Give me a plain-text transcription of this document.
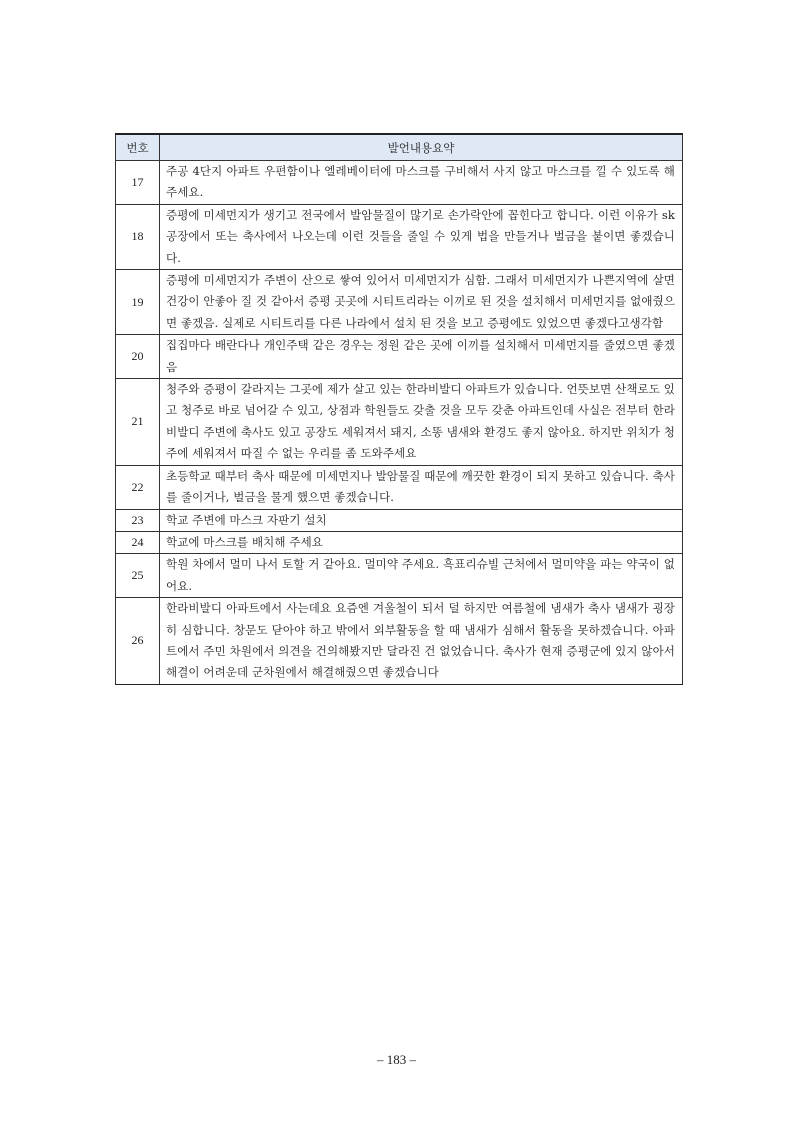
번호	발언내용요약
17	주공 4단지 아파트 우편함이나 엘레베이터에 마스크를 구비해서 사지 않고 마스크를 낄 수 있도록 해주세요.
18	증평에 미세먼지가 생기고 전국에서 발암물질이 많기로 손가락안에 꼽힌다고 합니다. 이런 이유가 sk공장에서 또는 축사에서 나오는데 이런 것들을 줄일 수 있게 법을 만들거나 벌금을 붙이면 좋겠습니다.
19	증평에 미세먼지가 주변이 산으로 쌓여 있어서 미세먼지가 심함. 그래서 미세먼지가 나쁜지역에 살면 건강이 안좋아 질 것 같아서 증평 곳곳에 시티트리라는 이끼로 된 것을 설치해서 미세먼지를 없애줬으면 좋겠음. 실제로 시티트리를 다른 나라에서 설치 된 것을 보고 증평에도 있었으면 좋겠다고생각함
20	집집마다 배란다나 개인주택 같은 경우는 정원 같은 곳에 이끼를 설치해서 미세먼지를 줄였으면 좋겠음
21	청주와 증평이 갈라지는 그곳에 제가 살고 있는 한라비발디 아파트가 있습니다. 언뜻보면 산책로도 있고 청주로 바로 넘어갈 수 있고, 상점과 학원들도 갖출 것을 모두 갖춘 아파트인데 사실은 전부터 한라비발디 주변에 축사도 있고 공장도 세워져서 돼지, 소똥 냄새와 환경도 좋지 않아요. 하지만 위치가 청주에 세워져서 따질 수 없는 우리를 좀 도와주세요
22	초등학교 때부터 축사 때문에 미세먼지나 발암물질 때문에 깨끗한 환경이 되지 못하고 있습니다. 축사를 줄이거나, 벌금을 물게 했으면 좋겠습니다.
23	학교 주변에 마스크 자판기 설치
24	학교에 마스크를 배치해 주세요
25	학원 차에서 멀미 나서 토할 거 같아요. 멀미약 주세요. 흑표리슈빌 근처에서 멀미약을 파는 약국이 없어요.
26	한라비발디 아파트에서 사는데요 요즘엔 겨울철이 되서 덜 하지만 여름철에 냄새가 축사 냄새가 굉장히 심합니다. 창문도 닫아야 하고 밖에서 외부활동을 할 때 냄새가 심해서 활동을 못하겠습니다. 아파트에서 주민 차원에서 의견을 건의해봤지만 달라진 건 없었습니다. 축사가 현재 증평군에 있지 않아서 해결이 어려운데 군차원에서 해결해줬으면 좋겠습니다
– 183 –
